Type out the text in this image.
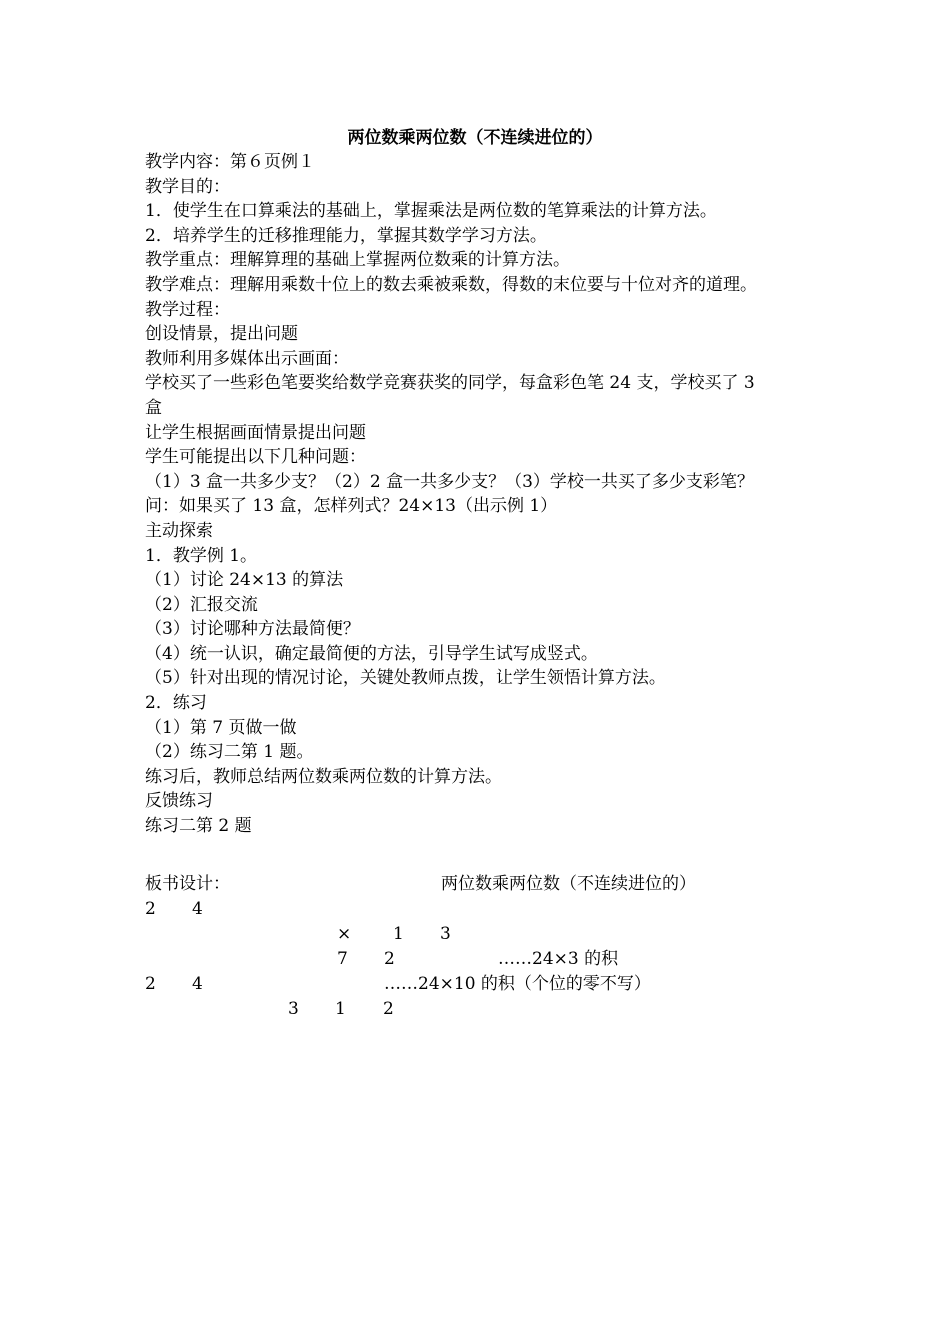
两位数乘两位数（不连续进位的）
教学内容：第６页例１
教学目的：
1．使学生在口算乘法的基础上，掌握乘法是两位数的笔算乘法的计算方法。
2．培养学生的迁移推理能力，掌握其数学学习方法。
教学重点：理解算理的基础上掌握两位数乘的计算方法。
教学难点：理解用乘数十位上的数去乘被乘数，得数的末位要与十位对齐的道理。
教学过程：
创设情景，提出问题
教师利用多媒体出示画面：
学校买了一些彩色笔要奖给数学竞赛获奖的同学，每盒彩色笔 24 支，学校买了 3
盒
让学生根据画面情景提出问题
学生可能提出以下几种问题：
（1）3 盒一共多少支？（2）2 盒一共多少支？（3）学校一共买了多少支彩笔？
问：如果买了 13 盒，怎样列式？24×13（出示例 1）
主动探索
1．教学例 1。
（1）讨论 24×13 的算法
（2）汇报交流
（3）讨论哪种方法最简便？
（4）统一认识，确定最简便的方法，引导学生试写成竖式。
（5）针对出现的情况讨论，关键处教师点拨，让学生领悟计算方法。
2．练习
（1）第 7 页做一做
（2）练习二第 1 题。
练习后，教师总结两位数乘两位数的计算方法。
反馈练习
练习二第 2 题
板书设计：	两位数乘两位数（不连续进位的）
2 4
× 1 3
7 2	……24×3 的积
2 4	……24×10 的积（个位的零不写）
3 1 2
